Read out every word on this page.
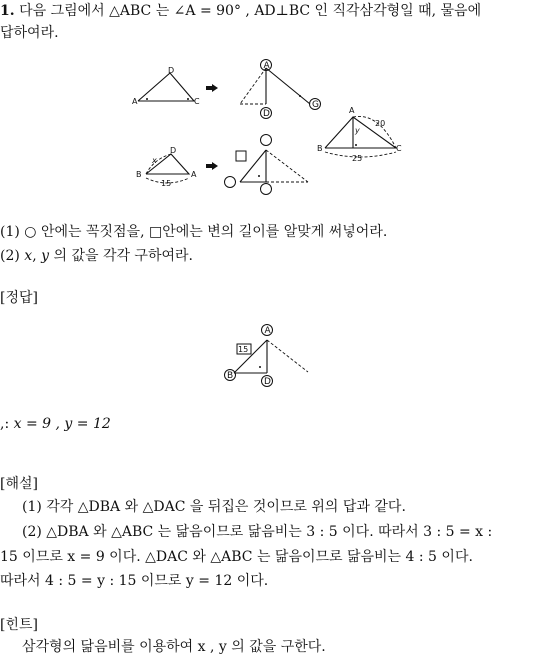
1. 다음 그림에서 △ABC 는 ∠A = 90° , AD⊥BC 인 직각삼각형일 때, 물음에
답하여라.
A
D
C
A
D
G
D
B	A
x
15
A
B	C
y
20
25
(1) ○ 안에는 꼭짓점을, □안에는 변의 길이를 알맞게 써넣어라.
(2) x, y 의 값을 각각 구하여라.
[정답]
A
15
B
D
,: x = 9 , y = 12
[해설]
(1) 각각 △DBA 와 △DAC 을 뒤집은 것이므로 위의 답과 같다.
(2) △DBA 와 △ABC 는 닮음이므로 닮음비는 3 : 5 이다. 따라서 3 : 5 = x :
15 이므로 x = 9 이다. △DAC 와 △ABC 는 닮음이므로 닮음비는 4 : 5 이다.
따라서 4 : 5 = y : 15 이므로 y = 12 이다.
[힌트]
삼각형의 닮음비를 이용하여 x , y 의 값을 구한다.
